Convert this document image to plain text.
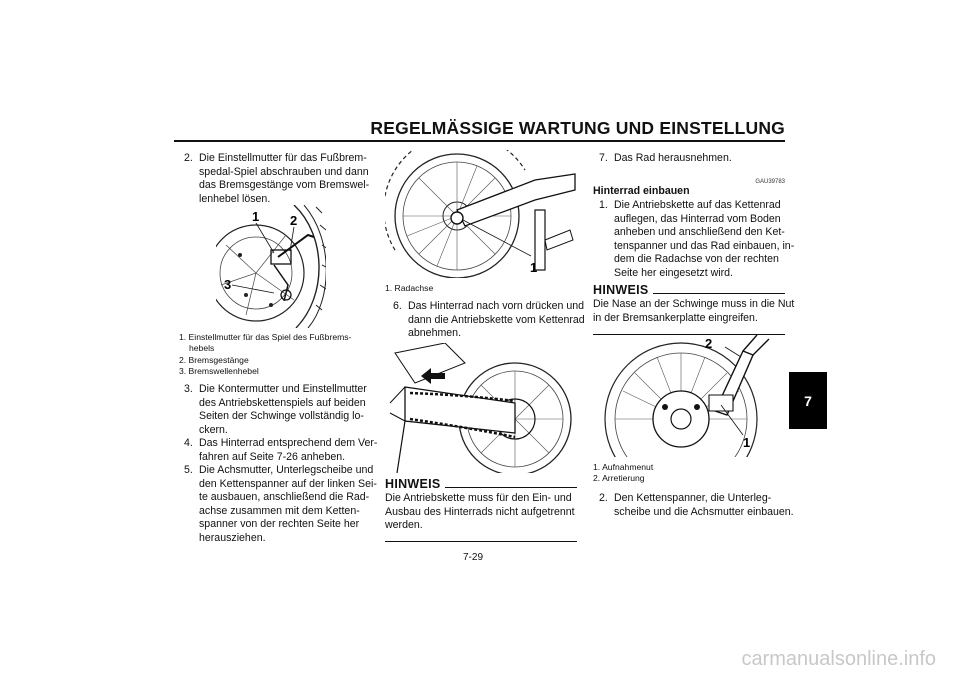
REGELMÄSSIGE WARTUNG UND EINSTELLUNG
7
2. Die Einstellmutter für das Fußbrem-
spedal-Spiel abschrauben und dann
das Bremsgestänge vom Bremswel-
lenhebel lösen.
1 2
3
1. Einstellmutter für das Spiel des Fußbrems-
hebels
2. Bremsgestänge
3. Bremswellenhebel
3. Die Kontermutter und Einstellmutter
des Antriebskettenspiels auf beiden
Seiten der Schwinge vollständig lo-
ckern.
4. Das Hinterrad entsprechend dem Ver-
fahren auf Seite 7-26 anheben.
5. Die Achsmutter, Unterlegscheibe und
den Kettenspanner auf der linken Sei-
te ausbauen, anschließend die Rad-
achse zusammen mit dem Ketten-
spanner von der rechten Seite her
herausziehen.
1
1. Radachse
6. Das Hinterrad nach vorn drücken und
dann die Antriebskette vom Kettenrad
abnehmen.
HINWEIS
Die Antriebskette muss für den Ein- und
Ausbau des Hinterrads nicht aufgetrennt
werden.
7. Das Rad herausnehmen.
GAU39783
Hinterrad einbauen
1. Die Antriebskette auf das Kettenrad
auflegen, das Hinterrad vom Boden
anheben und anschließend den Ket-
tenspanner und das Rad einbauen, in-
dem die Radachse von der rechten
Seite her eingesetzt wird.
HINWEIS
Die Nase an der Schwinge muss in die Nut
in der Bremsankerplatte eingreifen.
2
1
1. Aufnahmenut
2. Arretierung
2. Den Kettenspanner, die Unterleg-
scheibe und die Achsmutter einbauen.
7-29
carmanualsonline.info
